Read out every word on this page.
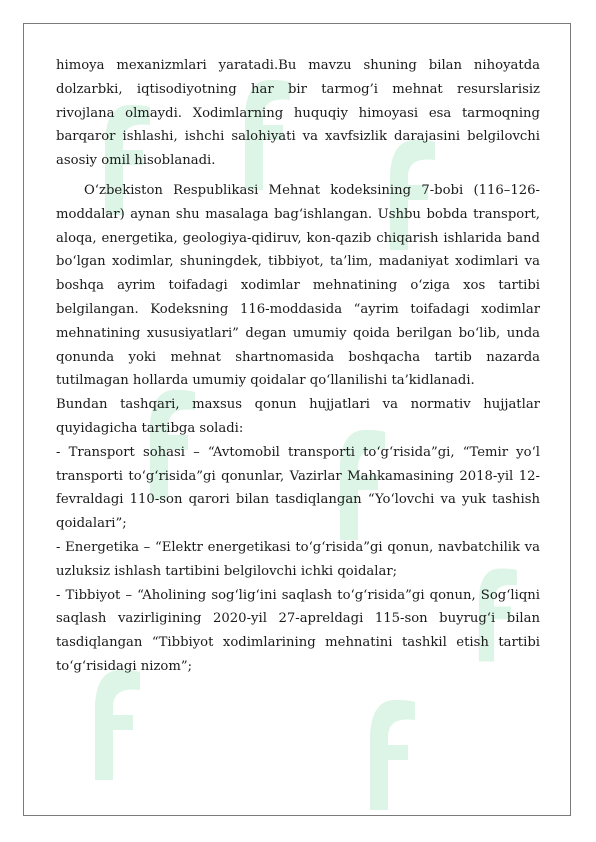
himoya mexanizmlari yaratadi.Bu mavzu shuning bilan nihoyatda dolzarbki, iqtisodiyotning har bir tarmog’i mehnat resurslarisiz rivojlana olmaydi. Xodimlarning huquqiy himoyasi esa tarmoqning barqaror ishlashi, ishchi salohiyati va xavfsizlik darajasini belgilovchi asosiy omil hisoblanadi.

O‘zbekiston Respublikasi Mehnat kodeksining 7-bobi (116–126-moddalar) aynan shu masalaga bag‘ishlangan. Ushbu bobda transport, aloqa, energetika, geologiya-qidiruv, kon-qazib chiqarish ishlarida band bo‘lgan xodimlar, shuningdek, tibbiyot, ta’lim, madaniyat xodimlari va boshqa ayrim toifadagi xodimlar mehnatining o‘ziga xos tartibi belgilangan. Kodeksning 116-moddasida “ayrim toifadagi xodimlar mehnatining xususiyatlari” degan umumiy qoida berilgan bo‘lib, unda qonunda yoki mehnat shartnomasida boshqacha tartib nazarda tutilmagan hollarda umumiy qoidalar qo‘llanilishi ta’kidlanadi.

Bundan tashqari, maxsus qonun hujjatlari va normativ hujjatlar quyidagicha tartibga soladi:

- Transport sohasi – “Avtomobil transporti to‘g‘risida”gi, “Temir yo‘l transporti to‘g‘risida”gi qonunlar, Vazirlar Mahkamasining 2018-yil 12-fevraldagi 110-son qarori bilan tasdiqlangan “Yo‘lovchi va yuk tashish qoidalari”;

- Energetika – “Elektr energetikasi to‘g‘risida”gi qonun, navbatchilik va uzluksiz ishlash tartibini belgilovchi ichki qoidalar;

- Tibbiyot – “Aholining sog‘lig‘ini saqlash to‘g‘risida”gi qonun, Sog‘liqni saqlash vazirligining 2020-yil 27-apreldagi 115-son buyrug‘i bilan tasdiqlangan “Tibbiyot xodimlarining mehnatini tashkil etish tartibi to‘g‘risidagi nizom”;
